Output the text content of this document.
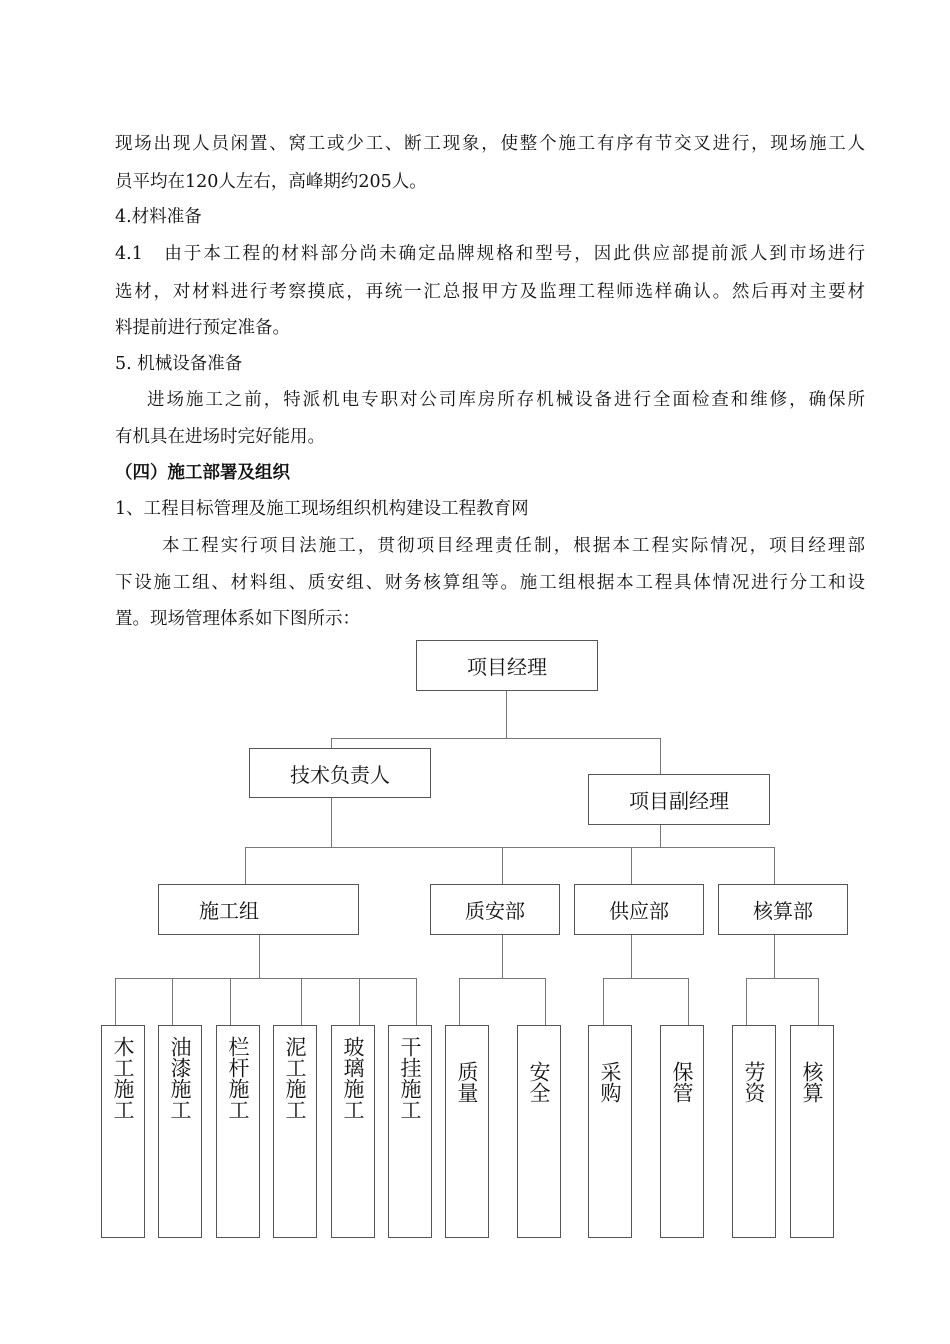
现场出现人员闲置、窝工或少工、断工现象，使整个施工有序有节交叉进行，现场施工人
员平均在120人左右，高峰期约205人。
4.材料准备
4.1　由于本工程的材料部分尚未确定品牌规格和型号，因此供应部提前派人到市场进行
选材，对材料进行考察摸底，再统一汇总报甲方及监理工程师选样确认。然后再对主要材
料提前进行预定准备。
5. 机械设备准备
进场施工之前，特派机电专职对公司库房所存机械设备进行全面检查和维修，确保所
有机具在进场时完好能用。
（四）施工部署及组织
1、工程目标管理及施工现场组织机构建设工程教育网
本工程实行项目法施工，贯彻项目经理责任制，根据本工程实际情况，项目经理部
下设施工组、材料组、质安组、财务核算组等。施工组根据本工程具体情况进行分工和设
置。现场管理体系如下图所示：
项目经理
技术负责人
项目副经理
施工组	质安部	供应部	核算部
木工施工 油漆施工 栏杆施工 泥工施工 玻璃施工 干挂施工 质量 安全 采购 保管 劳资 核算
